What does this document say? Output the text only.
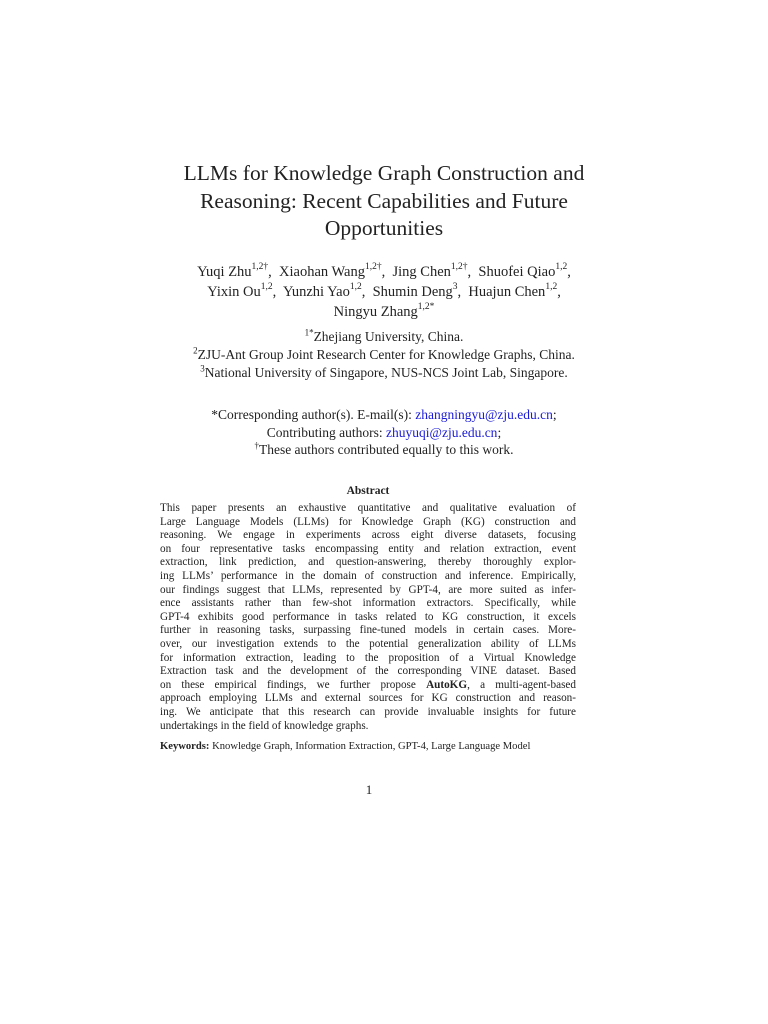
LLMs for Knowledge Graph Construction and
Reasoning: Recent Capabilities and Future
Opportunities
Yuqi Zhu$^{1,2\dagger}$, Xiaohan Wang$^{1,2\dagger}$, Jing Chen$^{1,2\dagger}$, Shuofei Qiao$^{1,2}$,
Yixin Ou$^{1,2}$, Yunzhi Yao$^{1,2}$, Shumin Deng$^3$, Huajun Chen$^{1,2}$,
Ningyu Zhang$^{1,2*}$
$^{1*}$Zhejiang University, China.
$^2$ZJU-Ant Group Joint Research Center for Knowledge Graphs, China.
$^3$National University of Singapore, NUS-NCS Joint Lab, Singapore.
*Corresponding author(s). E-mail(s): zhangningyu@zju.edu.cn;
Contributing authors: zhuyuqi@zju.edu.cn;
†These authors contributed equally to this work.
Abstract
This paper presents an exhaustive quantitative and qualitative evaluation of
Large Language Models (LLMs) for Knowledge Graph (KG) construction and
reasoning. We engage in experiments across eight diverse datasets, focusing
on four representative tasks encompassing entity and relation extraction, event
extraction, link prediction, and question-answering, thereby thoroughly explor-
ing LLMs’ performance in the domain of construction and inference. Empirically,
our findings suggest that LLMs, represented by GPT-4, are more suited as infer-
ence assistants rather than few-shot information extractors. Specifically, while
GPT-4 exhibits good performance in tasks related to KG construction, it excels
further in reasoning tasks, surpassing fine-tuned models in certain cases. More-
over, our investigation extends to the potential generalization ability of LLMs
for information extraction, leading to the proposition of a Virtual Knowledge
Extraction task and the development of the corresponding VINE dataset. Based
on these empirical findings, we further propose AutoKG, a multi-agent-based
approach employing LLMs and external sources for KG construction and reason-
ing. We anticipate that this research can provide invaluable insights for future
undertakings in the field of knowledge graphs.
Keywords: Knowledge Graph, Information Extraction, GPT-4, Large Language Model
1
